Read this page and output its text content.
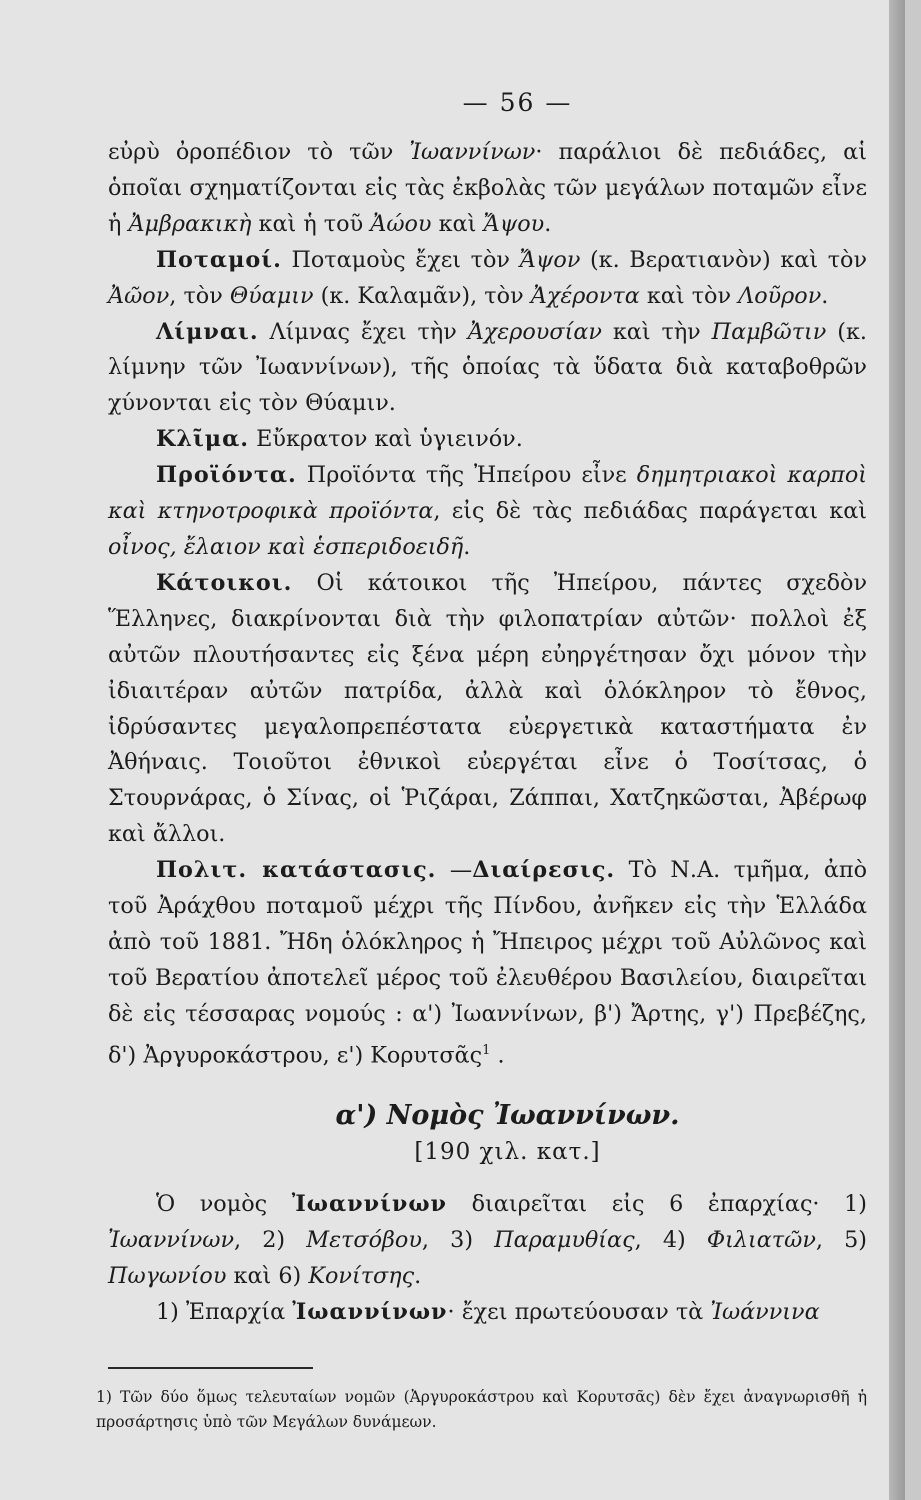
— 56 —

εὐρὺ ὀροπέδιον τὸ τῶν Ἰωαννίνων· παράλιοι δὲ πεδιάδες, αἱ ὁποῖαι σχηματίζονται εἰς τὰς ἐκβολὰς τῶν μεγάλων ποταμῶν εἶνε ἡ Ἀμβρακικὴ καὶ ἡ τοῦ Ἀώου καὶ Ἄψου.

Ποταμοί. Ποταμοὺς ἔχει τὸν Ἄψον (κ. Βερατιανὸν) καὶ τὸν Ἀῶον, τὸν Θύαμιν (κ. Καλαμᾶν), τὸν Ἀχέροντα καὶ τὸν Λοῦρον.

Λίμναι. Λίμνας ἔχει τὴν Ἀχερουσίαν καὶ τὴν Παμβῶτιν (κ. λίμνην τῶν Ἰωαννίνων), τῆς ὁποίας τὰ ὕδατα διὰ καταβοθρῶν χύνονται εἰς τὸν Θύαμιν.

Κλῖμα. Εὔκρατον καὶ ὑγιεινόν.

Προϊόντα. Προϊόντα τῆς Ἠπείρου εἶνε δημητριακοὶ καρποὶ καὶ κτηνοτροφικὰ προϊόντα, εἰς δὲ τὰς πεδιάδας παράγεται καὶ οἶνος, ἔλαιον καὶ ἑσπεριδοειδῆ.

Κάτοικοι. Οἱ κάτοικοι τῆς Ἠπείρου, πάντες σχεδὸν Ἕλληνες, διακρίνονται διὰ τὴν φιλοπατρίαν αὐτῶν· πολλοὶ ἐξ αὐτῶν πλουτήσαντες εἰς ξένα μέρη εὐηργέτησαν ὄχι μόνον τὴν ἰδιαιτέραν αὐτῶν πατρίδα, ἀλλὰ καὶ ὁλόκληρον τὸ ἔθνος, ἱδρύσαντες μεγαλοπρεπέστατα εὐεργετικὰ καταστήματα ἐν Ἀθήναις. Τοιοῦτοι ἐθνικοὶ εὐεργέται εἶνε ὁ Τοσίτσας, ὁ Στουρνάρας, ὁ Σίνας, οἱ Ῥιζάραι, Ζάππαι, Χατζηκῶσται, Ἀβέρωφ καὶ ἄλλοι.

Πολιτ. κατάστασις. —Διαίρεσις. Τὸ Ν.Α. τμῆμα, ἀπὸ τοῦ Ἀράχθου ποταμοῦ μέχρι τῆς Πίνδου, ἀνῆκεν εἰς τὴν Ἑλλάδα ἀπὸ τοῦ 1881. Ἤδη ὁλόκληρος ἡ Ἤπειρος μέχρι τοῦ Αὐλῶνος καὶ τοῦ Βερατίου ἀποτελεῖ μέρος τοῦ ἐλευθέρου Βασιλείου, διαιρεῖται δὲ εἰς τέσσαρας νομούς : α') Ἰωαννίνων, β') Ἄρτης, γ') Πρεβέζης, δ') Ἀργυροκάστρου, ε') Κορυτσᾶς$^1$ .

α') Νομὸς Ἰωαννίνων.
[190 χιλ. κατ.]

Ὁ νομὸς Ἰωαννίνων διαιρεῖται εἰς 6 ἐπαρχίας· 1) Ἰωαννίνων, 2) Μετσόβου, 3) Παραμυθίας, 4) Φιλιατῶν, 5) Πωγωνίου καὶ 6) Κονίτσης.

1) Ἐπαρχία Ἰωαννίνων· ἔχει πρωτεύουσαν τὰ Ἰωάννινα

1) Τῶν δύο ὅμως τελευταίων νομῶν (Ἀργυροκάστρου καὶ Κορυτσᾶς) δὲν ἔχει ἀναγνωρισθῆ ἡ προσάρτησις ὑπὸ τῶν Μεγάλων δυνάμεων.
